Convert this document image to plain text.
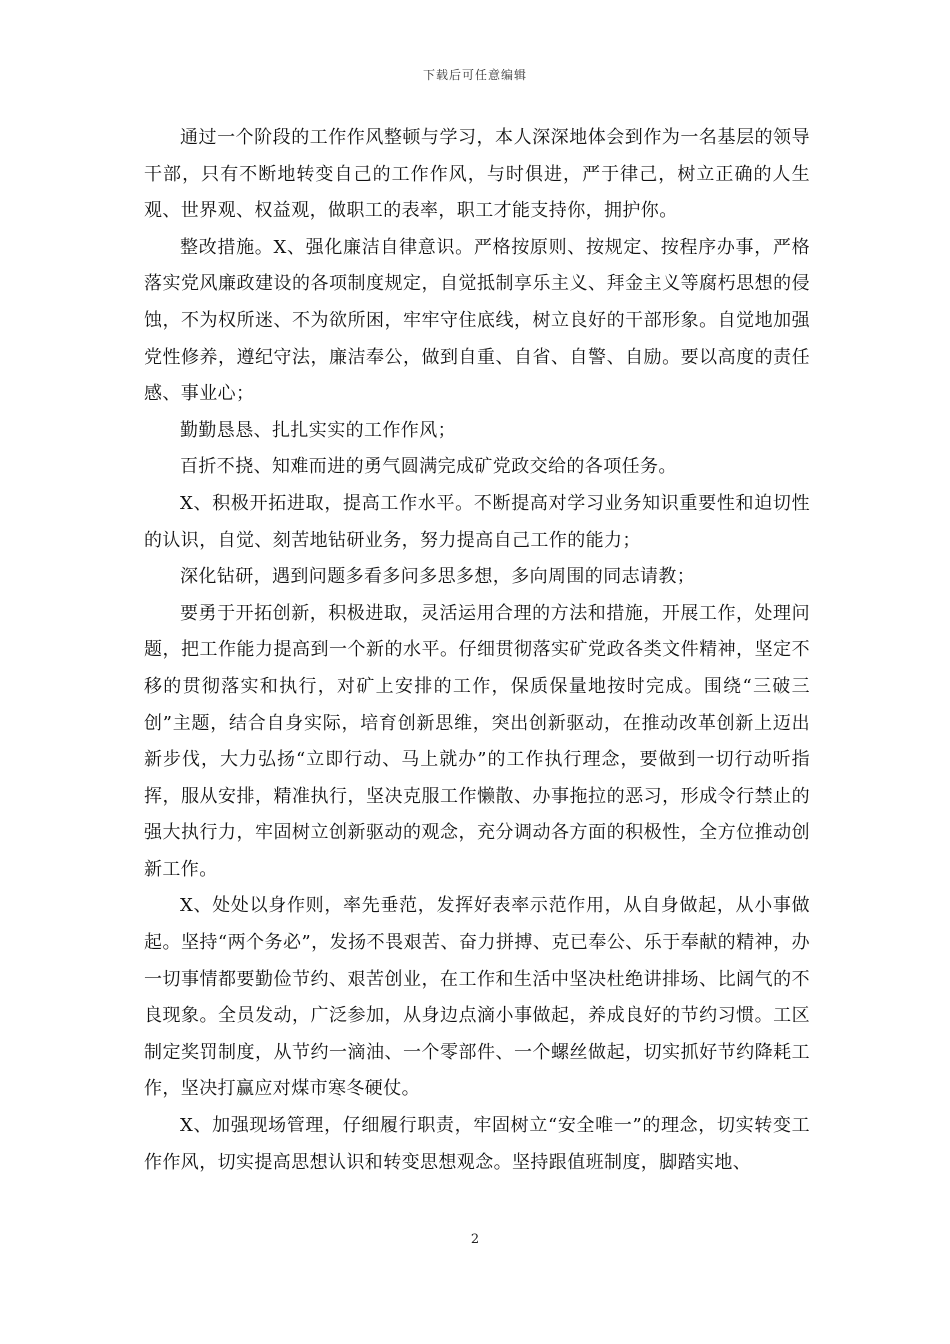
下载后可任意编辑

通过一个阶段的工作作风整顿与学习，本人深深地体会到作为一名基层的领导干部，只有不断地转变自己的工作作风，与时俱进，严于律己，树立正确的人生观、世界观、权益观，做职工的表率，职工才能支持你，拥护你。

整改措施。X、强化廉洁自律意识。严格按原则、按规定、按程序办事，严格落实党风廉政建设的各项制度规定，自觉抵制享乐主义、拜金主义等腐朽思想的侵蚀，不为权所迷、不为欲所困，牢牢守住底线，树立良好的干部形象。自觉地加强党性修养，遵纪守法，廉洁奉公，做到自重、自省、自警、自励。要以高度的责任感、事业心；

勤勤恳恳、扎扎实实的工作作风；

百折不挠、知难而进的勇气圆满完成矿党政交给的各项任务。

X、积极开拓进取，提高工作水平。不断提高对学习业务知识重要性和迫切性的认识，自觉、刻苦地钻研业务，努力提高自己工作的能力；

深化钻研，遇到问题多看多问多思多想，多向周围的同志请教；

要勇于开拓创新，积极进取，灵活运用合理的方法和措施，开展工作，处理问题，把工作能力提高到一个新的水平。仔细贯彻落实矿党政各类文件精神，坚定不移的贯彻落实和执行，对矿上安排的工作，保质保量地按时完成。围绕“三破三创”主题，结合自身实际，培育创新思维，突出创新驱动，在推动改革创新上迈出新步伐，大力弘扬“立即行动、马上就办”的工作执行理念，要做到一切行动听指挥，服从安排，精准执行，坚决克服工作懒散、办事拖拉的恶习，形成令行禁止的强大执行力，牢固树立创新驱动的观念，充分调动各方面的积极性，全方位推动创新工作。

X、处处以身作则，率先垂范，发挥好表率示范作用，从自身做起，从小事做起。坚持“两个务必”，发扬不畏艰苦、奋力拼搏、克已奉公、乐于奉献的精神，办一切事情都要勤俭节约、艰苦创业，在工作和生活中坚决杜绝讲排场、比阔气的不良现象。全员发动，广泛参加，从身边点滴小事做起，养成良好的节约习惯。工区制定奖罚制度，从节约一滴油、一个零部件、一个螺丝做起，切实抓好节约降耗工作，坚决打赢应对煤市寒冬硬仗。

X、加强现场管理，仔细履行职责，牢固树立“安全唯一”的理念，切实转变工作作风，切实提高思想认识和转变思想观念。坚持跟值班制度，脚踏实地、

2
